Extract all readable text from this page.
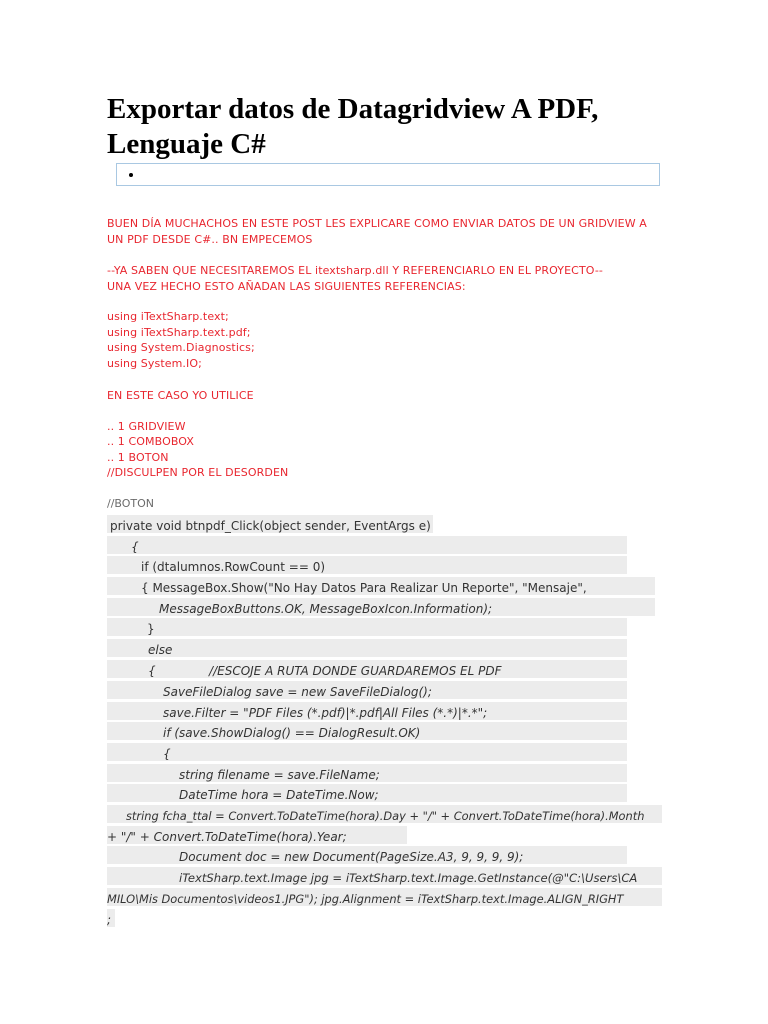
Exportar datos de Datagridview A PDF, Lenguaje C#
BUEN DÍA MUCHACHOS EN ESTE POST LES EXPLICARE COMO ENVIAR DATOS DE UN GRIDVIEW A
UN PDF DESDE C#.. BN EMPECEMOS
--YA SABEN QUE NECESITAREMOS EL itextsharp.dll Y REFERENCIARLO EN EL PROYECTO--
UNA VEZ HECHO ESTO AÑADAN LAS SIGUIENTES REFERENCIAS:
using iTextSharp.text;
using iTextSharp.text.pdf;
using System.Diagnostics;
using System.IO;
EN ESTE CASO YO UTILICE
.. 1 GRIDVIEW
.. 1 COMBOBOX
.. 1 BOTON
//DISCULPEN POR EL DESORDEN
//BOTON
private void btnpdf_Click(object sender, EventArgs e)
{
if (dtalumnos.RowCount == 0)
{ MessageBox.Show("No Hay Datos Para Realizar Un Reporte", "Mensaje",
MessageBoxButtons.OK, MessageBoxIcon.Information);
}
else
{              //ESCOJE A RUTA DONDE GUARDAREMOS EL PDF
SaveFileDialog save = new SaveFileDialog();
save.Filter = "PDF Files (*.pdf)|*.pdf|All Files (*.*)|*.*";
if (save.ShowDialog() == DialogResult.OK)
{
string filename = save.FileName;
DateTime hora = DateTime.Now;
string fcha_ttal = Convert.ToDateTime(hora).Day + "/" + Convert.ToDateTime(hora).Month
+ "/" + Convert.ToDateTime(hora).Year;
Document doc = new Document(PageSize.A3, 9, 9, 9, 9);
iTextSharp.text.Image jpg = iTextSharp.text.Image.GetInstance(@"C:\Users\CA
MILO\Mis Documentos\videos1.JPG"); jpg.Alignment = iTextSharp.text.Image.ALIGN_RIGHT
;
